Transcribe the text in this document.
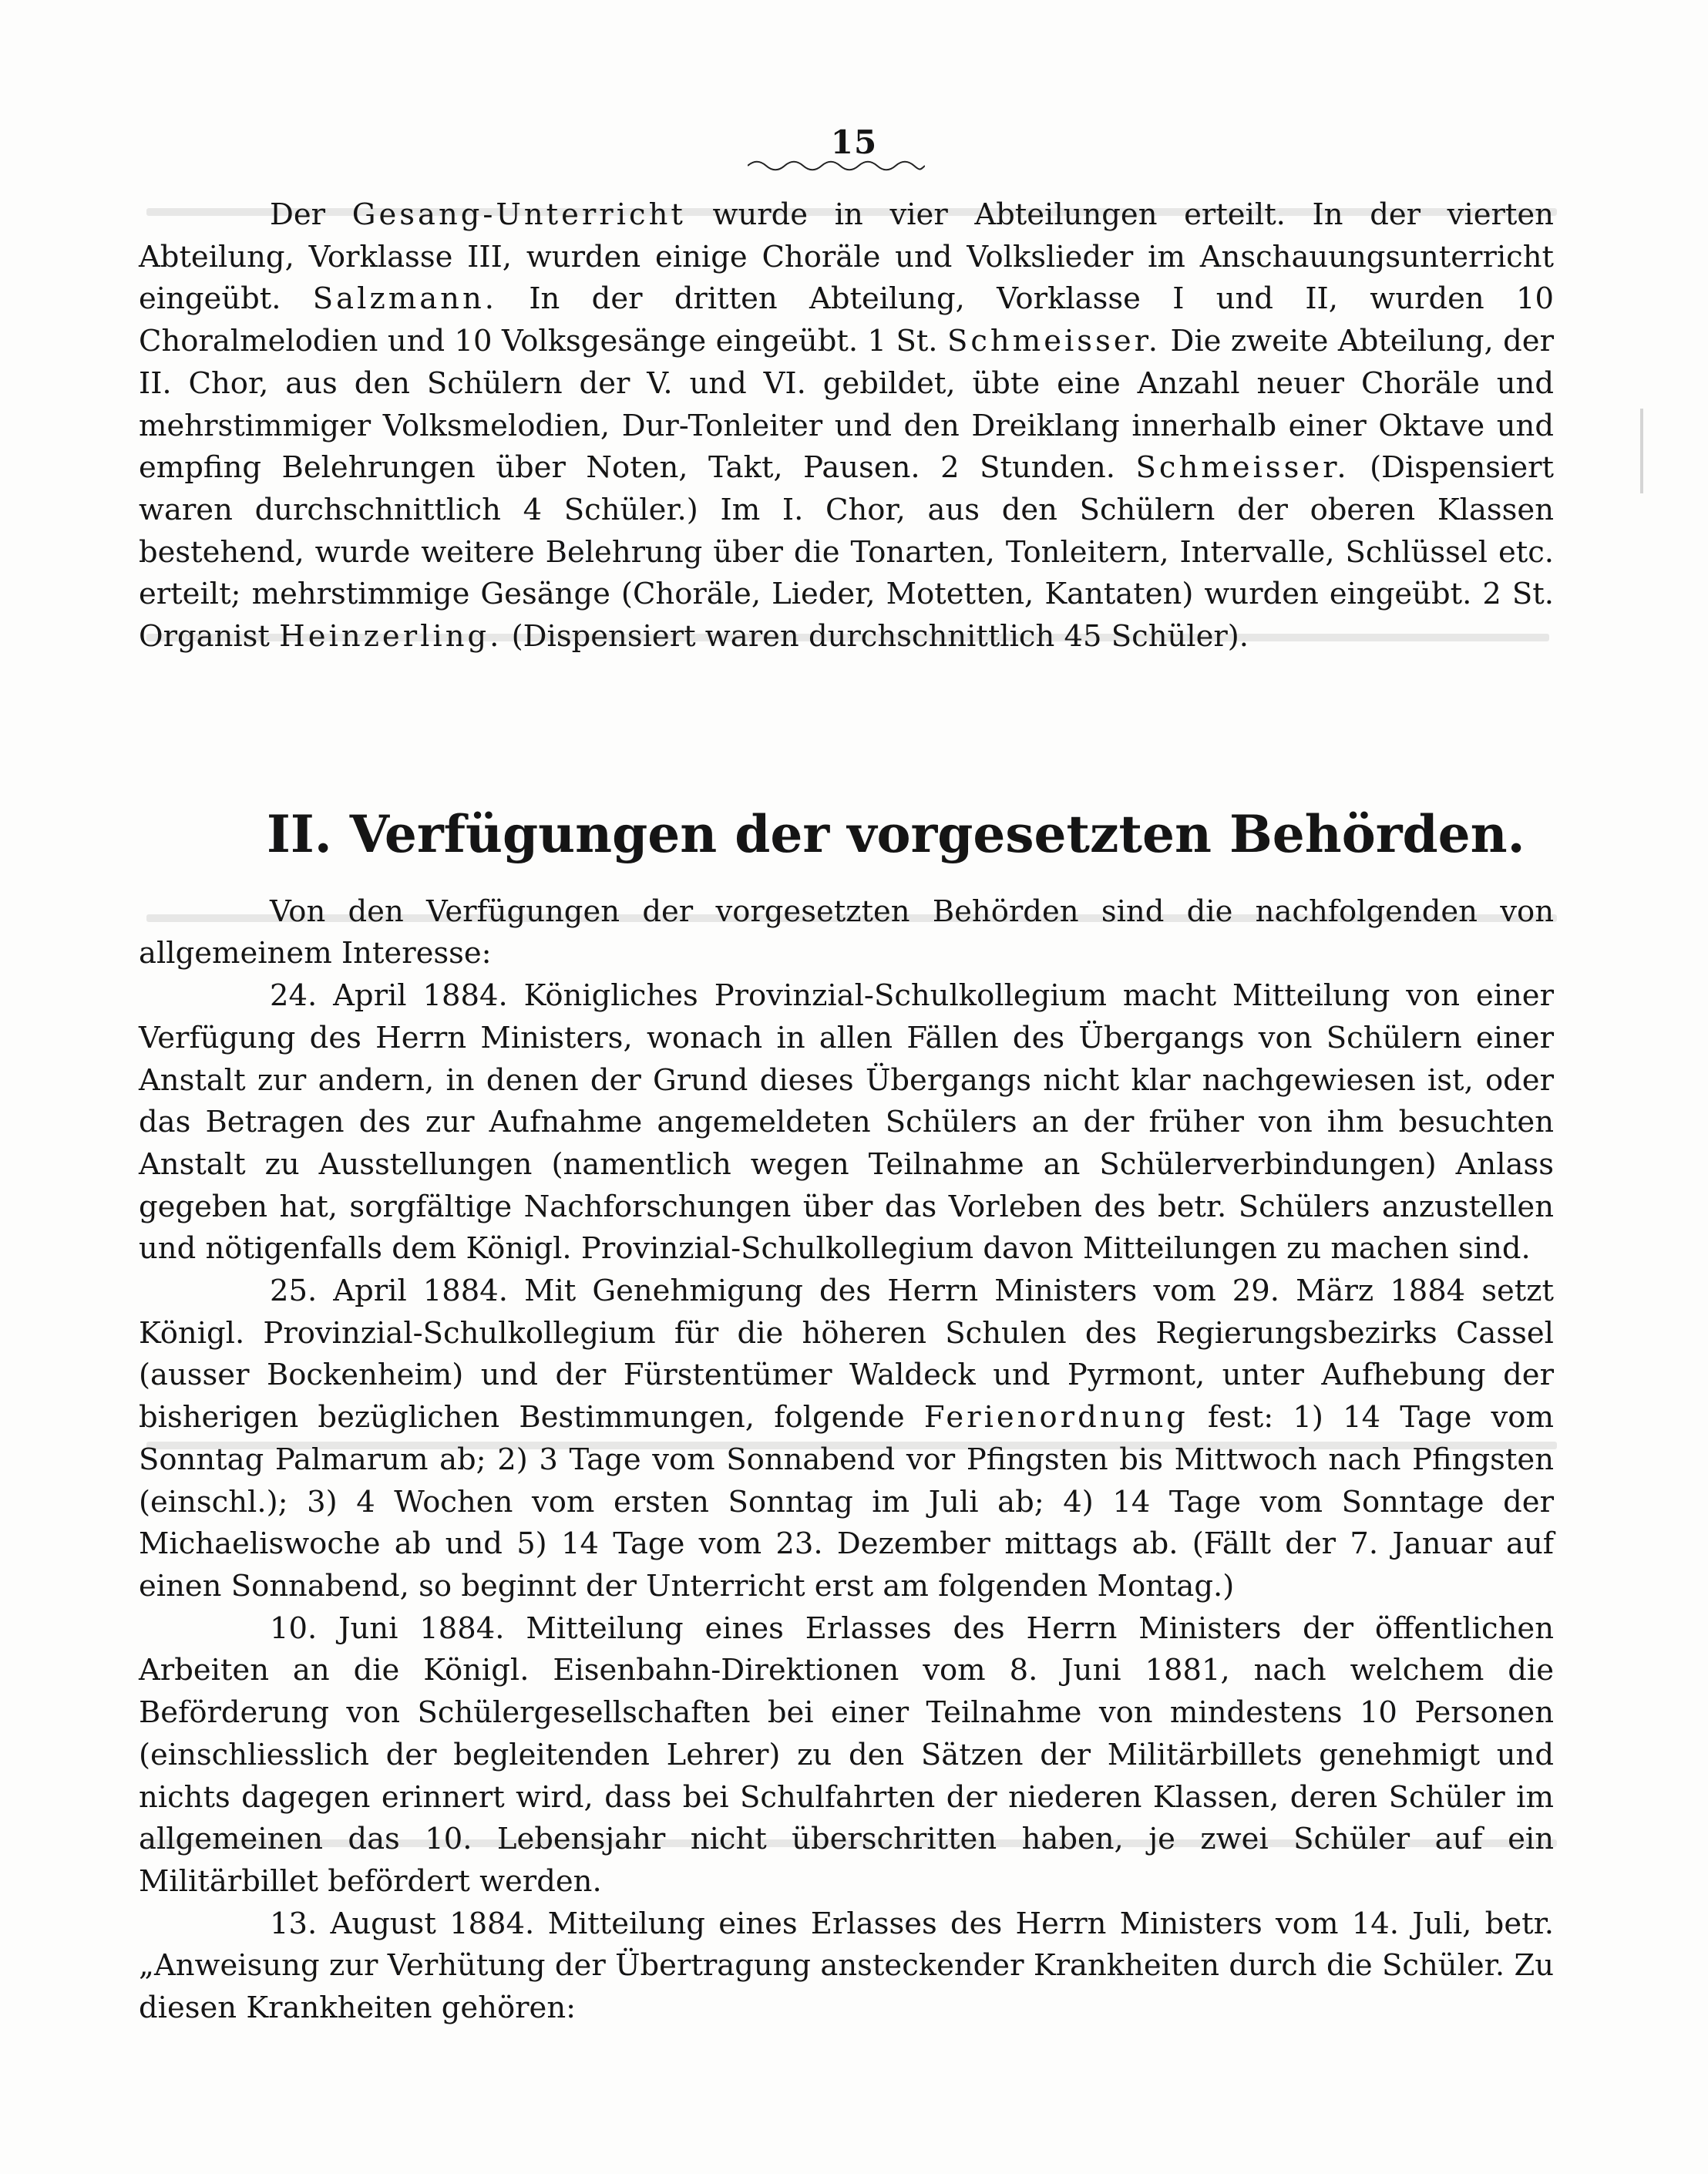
15

Der Gesang-Unterricht wurde in vier Abteilungen erteilt. In der vierten Abteilung, Vorklasse III, wurden einige Choräle und Volkslieder im Anschauungsunterricht eingeübt. Salzmann. In der dritten Abteilung, Vorklasse I und II, wurden 10 Choralmelodien und 10 Volksgesänge eingeübt. 1 St. Schmeisser. Die zweite Abteilung, der II. Chor, aus den Schülern der V. und VI. gebildet, übte eine Anzahl neuer Choräle und mehrstimmiger Volksmelodien, Dur-Tonleiter und den Dreiklang innerhalb einer Oktave und empfing Belehrungen über Noten, Takt, Pausen. 2 Stunden. Schmeisser. (Dispensiert waren durchschnittlich 4 Schüler.) Im I. Chor, aus den Schülern der oberen Klassen bestehend, wurde weitere Belehrung über die Tonarten, Tonleitern, Intervalle, Schlüssel etc. erteilt; mehrstimmige Gesänge (Choräle, Lieder, Motetten, Kantaten) wurden eingeübt. 2 St. Organist Heinzerling. (Dispensiert waren durchschnittlich 45 Schüler).

II. Verfügungen der vorgesetzten Behörden.

Von den Verfügungen der vorgesetzten Behörden sind die nachfolgenden von allgemeinem Interesse:

24. April 1884. Königliches Provinzial-Schulkollegium macht Mitteilung von einer Verfügung des Herrn Ministers, wonach in allen Fällen des Übergangs von Schülern einer Anstalt zur andern, in denen der Grund dieses Übergangs nicht klar nachgewiesen ist, oder das Betragen des zur Aufnahme angemeldeten Schülers an der früher von ihm besuchten Anstalt zu Ausstellungen (namentlich wegen Teilnahme an Schülerverbindungen) Anlass gegeben hat, sorgfältige Nachforschungen über das Vorleben des betr. Schülers anzustellen und nötigenfalls dem Königl. Provinzial-Schulkollegium davon Mitteilungen zu machen sind.

25. April 1884. Mit Genehmigung des Herrn Ministers vom 29. März 1884 setzt Königl. Provinzial-Schulkollegium für die höheren Schulen des Regierungsbezirks Cassel (ausser Bockenheim) und der Fürstentümer Waldeck und Pyrmont, unter Aufhebung der bisherigen bezüglichen Bestimmungen, folgende Ferienordnung fest: 1) 14 Tage vom Sonntag Palmarum ab; 2) 3 Tage vom Sonnabend vor Pfingsten bis Mittwoch nach Pfingsten (einschl.); 3) 4 Wochen vom ersten Sonntag im Juli ab; 4) 14 Tage vom Sonntage der Michaeliswoche ab und 5) 14 Tage vom 23. Dezember mittags ab. (Fällt der 7. Januar auf einen Sonnabend, so beginnt der Unterricht erst am folgenden Montag.)

10. Juni 1884. Mitteilung eines Erlasses des Herrn Ministers der öffentlichen Arbeiten an die Königl. Eisenbahn-Direktionen vom 8. Juni 1881, nach welchem die Beförderung von Schülergesellschaften bei einer Teilnahme von mindestens 10 Personen (einschliesslich der begleitenden Lehrer) zu den Sätzen der Militärbillets genehmigt und nichts dagegen erinnert wird, dass bei Schulfahrten der niederen Klassen, deren Schüler im allgemeinen das 10. Lebensjahr nicht überschritten haben, je zwei Schüler auf ein Militärbillet befördert werden.

13. August 1884. Mitteilung eines Erlasses des Herrn Ministers vom 14. Juli, betr. „Anweisung zur Verhütung der Übertragung ansteckender Krankheiten durch die Schüler. Zu diesen Krankheiten gehören:
